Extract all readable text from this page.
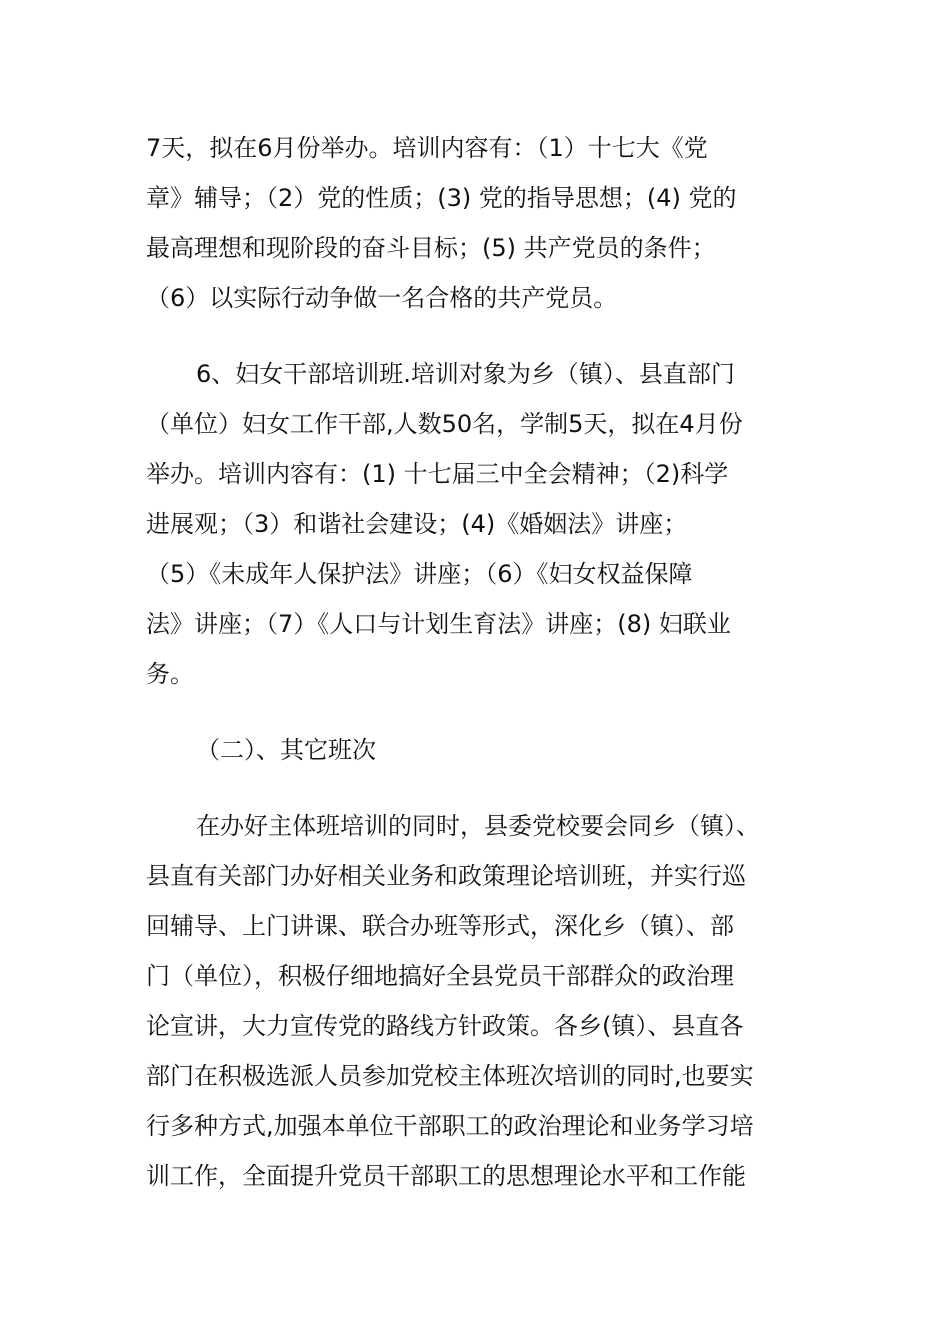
7天，拟在6月份举办。培训内容有：（1）十七大《党
章》辅导；（2）党的性质；(3) 党的指导思想；(4) 党的
最高理想和现阶段的奋斗目标；(5) 共产党员的条件；
（6）以实际行动争做一名合格的共产党员。
6、妇女干部培训班.培训对象为乡（镇）、县直部门
（单位）妇女工作干部,人数50名，学制5天，拟在4月份
举办。培训内容有：(1) 十七届三中全会精神；（2)科学
进展观；（3）和谐社会建设；(4)《婚姻法》讲座；
（5）《未成年人保护法》讲座；（6）《妇女权益保障
法》讲座；（7）《人口与计划生育法》讲座；(8) 妇联业
务。
（二）、其它班次
在办好主体班培训的同时，县委党校要会同乡（镇）、
县直有关部门办好相关业务和政策理论培训班，并实行巡
回辅导、上门讲课、联合办班等形式，深化乡（镇）、部
门（单位），积极仔细地搞好全县党员干部群众的政治理
论宣讲，大力宣传党的路线方针政策。各乡(镇）、县直各
部门在积极选派人员参加党校主体班次培训的同时,也要实
行多种方式,加强本单位干部职工的政治理论和业务学习培
训工作，全面提升党员干部职工的思想理论水平和工作能
